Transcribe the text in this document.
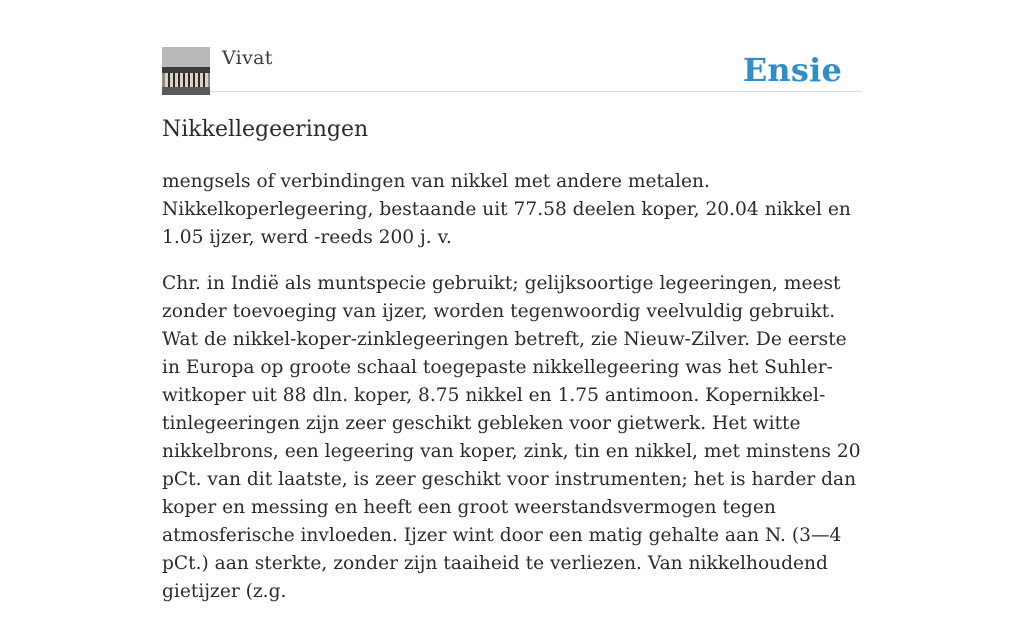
Vivat	Ensie
Nikkellegeeringen

mengsels of verbindingen van nikkel met andere metalen. Nikkelkoperlegeering, bestaande uit 77.58 deelen koper, 20.04 nikkel en 1.05 ijzer, werd -reeds 200 j. v.

Chr. in Indië als muntspecie gebruikt; gelijksoortige legeeringen, meest zonder toevoeging van ijzer, worden tegenwoordig veelvuldig gebruikt. Wat de nikkel-koper-zinklegeeringen betreft, zie Nieuw-Zilver. De eerste in Europa op groote schaal toegepaste nikkellegeering was het Suhler-witkoper uit 88 dln. koper, 8.75 nikkel en 1.75 antimoon. Kopernikkel-tinlegeeringen zijn zeer geschikt gebleken voor gietwerk. Het witte nikkelbrons, een legeering van koper, zink, tin en nikkel, met minstens 20 pCt. van dit laatste, is zeer geschikt voor instrumenten; het is harder dan koper en messing en heeft een groot weerstandsvermogen tegen atmosferische invloeden. Ijzer wint door een matig gehalte aan N. (3—4 pCt.) aan sterkte, zonder zijn taaiheid te verliezen. Van nikkelhoudend gietijzer (z.g.
